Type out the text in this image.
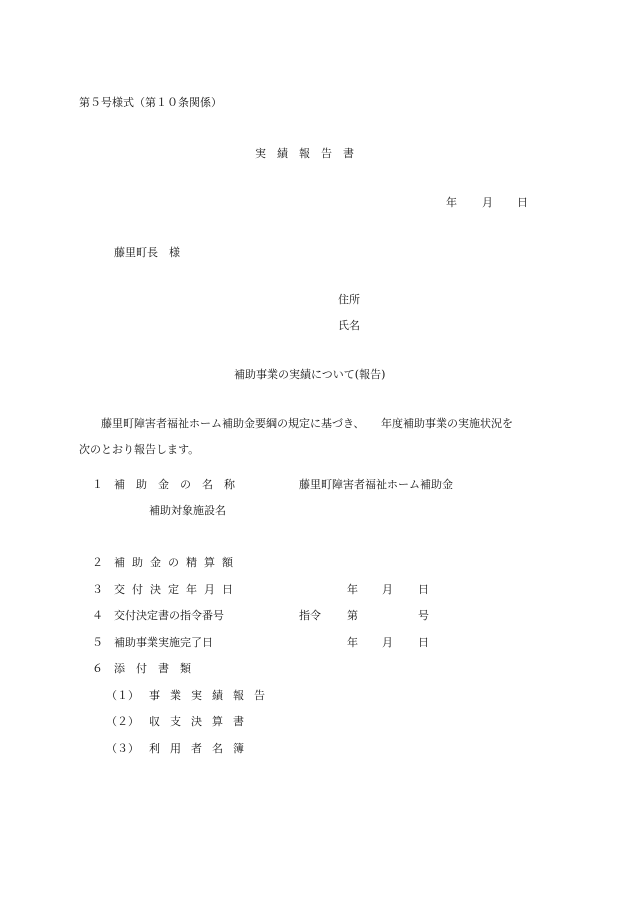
第５号様式（第１０条関係）
実績報告書
年 月 日
藤里町長　様
住所
氏名
補助事業の実績について(報告)
藤里町障害者福祉ホーム補助金要綱の規定に基づき、　　年度補助事業の実施状況を
次のとおり報告します。
１ 補助金の名称	藤里町障害者福祉ホーム補助金
補助対象施設名
２ 補助金の精算額
３ 交付決定年月日	年 月 日
４ 交付決定書の指令番号	指令 第	号
５ 補助事業実施完了日	年 月 日
６ 添付書類
（１） 事業実績報告
（２） 収支決算書
（３） 利用者名簿
